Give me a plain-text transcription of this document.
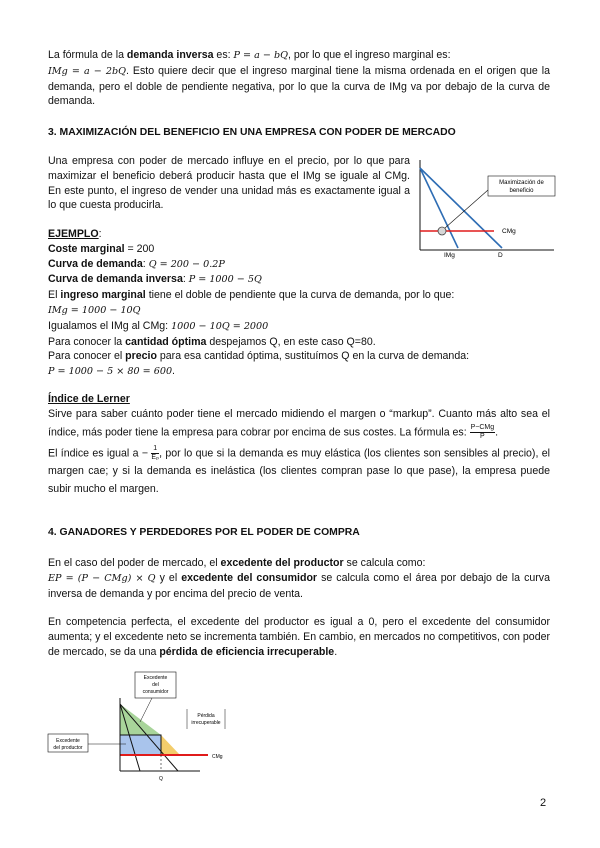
La fórmula de la demanda inversa es: P = a − bQ, por lo que el ingreso marginal es:
IMg = a − 2bQ. Esto quiere decir que el ingreso marginal tiene la misma ordenada en el origen que la demanda, pero el doble de pendiente negativa, por lo que la curva de IMg va por debajo de la curva de demanda.
3. MAXIMIZACIÓN DEL BENEFICIO EN UNA EMPRESA CON PODER DE MERCADO
Una empresa con poder de mercado influye en el precio, por lo que para maximizar el beneficio deberá producir hasta que el IMg se iguale al CMg. En este punto, el ingreso de vender una unidad más es exactamente igual a lo que cuesta producirla.
Maximización de
beneficio
CMg
IMg	D
EJEMPLO:
Coste marginal = 200
Curva de demanda: Q = 200 − 0.2P
Curva de demanda inversa: P = 1000 − 5Q
El ingreso marginal tiene el doble de pendiente que la curva de demanda, por lo que:
IMg = 1000 − 10Q
Igualamos el IMg al CMg: 1000 − 10Q = 2000
Para conocer la cantidad óptima despejamos Q, en este caso Q=80.
Para conocer el precio para esa cantidad óptima, sustituímos Q en la curva de demanda:
P = 1000 − 5 × 80 = 600.
Índice de Lerner
Sirve para saber cuánto poder tiene el mercado midiendo el margen o “markup”. Cuanto más alto sea el índice, más poder tiene la empresa para cobrar por encima de sus costes. La fórmula es: $\frac{\text{P−CMg}}{P}$ .
El índice es igual $a - \frac{1}{\text{Eₚ}}$ , por lo que si la demanda es muy elástica (los clientes son sensibles al precio), el margen cae; y si la demanda es inelástica (los clientes compran pase lo que pase), la empresa puede subir mucho el margen.
4. GANADORES Y PERDEDORES POR EL PODER DE COMPRA
En el caso del poder de mercado, el excedente del productor se calcula como:
EP = (P − CMg) × Q y el excedente del consumidor se calcula como el área por debajo de la curva inversa de demanda y por encima del precio de venta.
En competencia perfecta, el excedente del productor es igual a 0, pero el excedente del consumidor aumenta; y el excedente neto se incrementa también. En cambio, en mercados no competitivos, con poder de mercado, se da una pérdida de eficiencia irrecuperable.
Excedente
del
consumidor
Pérdida
irrecuperable
Excedente
del productor
CMg
Q
2
